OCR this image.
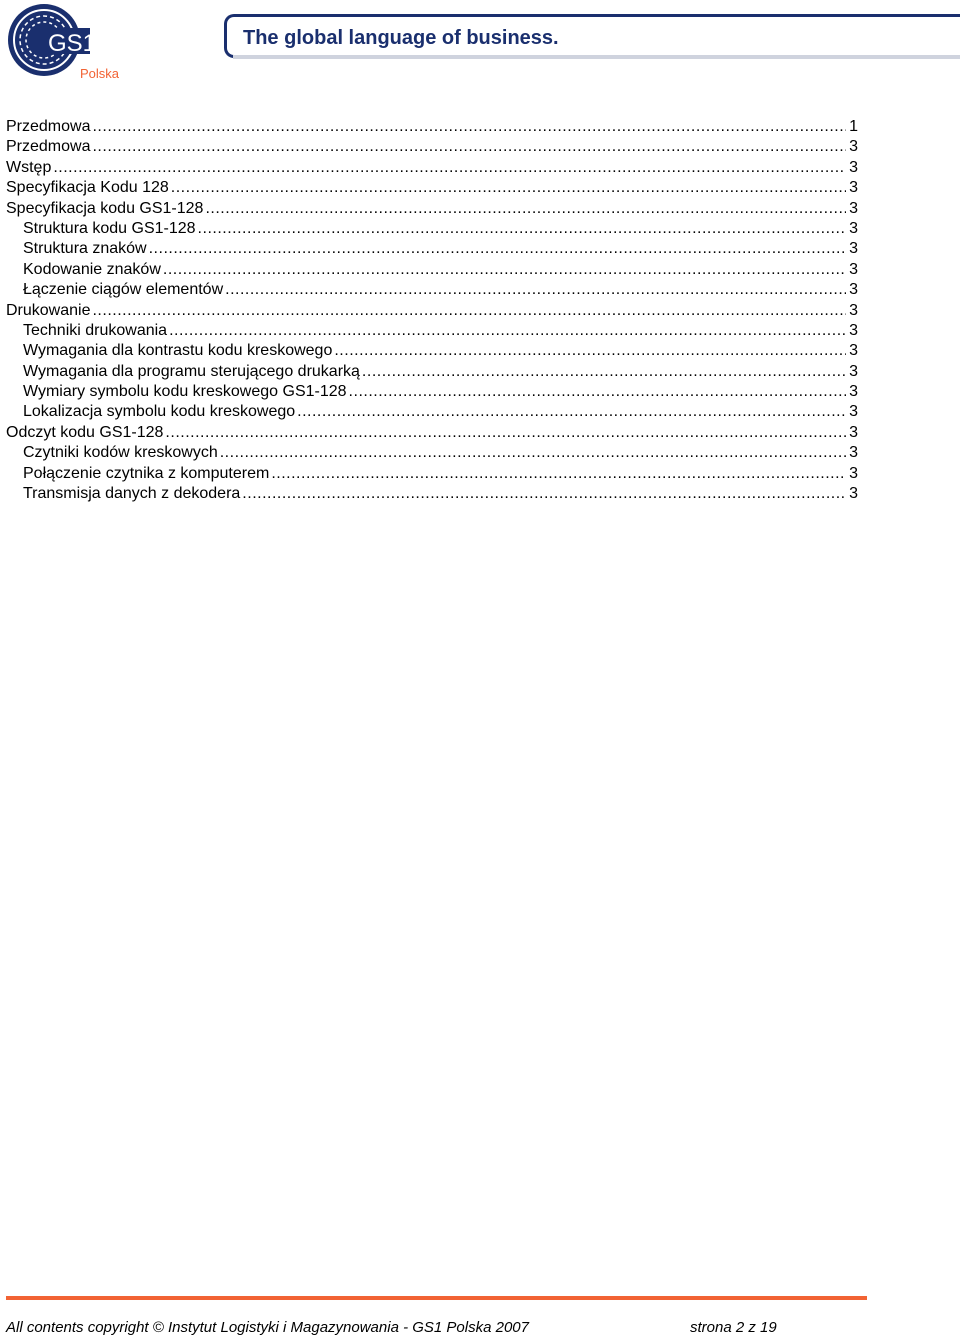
GS1
Polska
The global language of business.
Przedmowa .....	1
Przedmowa .....	3
Wstęp .....	3
Specyfikacja Kodu 128 .....	3
Specyfikacja kodu GS1-128 .....	3
Struktura kodu GS1-128 .....	3
Struktura znaków .....	3
Kodowanie znaków .....	3
Łączenie ciągów elementów .....	3
Drukowanie .....	3
Techniki drukowania .....	3
Wymagania dla kontrastu kodu kreskowego .....	3
Wymagania dla programu sterującego drukarką .....	3
Wymiary symbolu kodu kreskowego GS1-128 .....	3
Lokalizacja symbolu kodu kreskowego .....	3
Odczyt kodu GS1-128 .....	3
Czytniki kodów kreskowych .....	3
Połączenie czytnika z komputerem .....	3
Transmisja danych z dekodera .....	3
All contents copyright © Instytut Logistyki i Magazynowania - GS1 Polska 2007	strona 2 z 19
